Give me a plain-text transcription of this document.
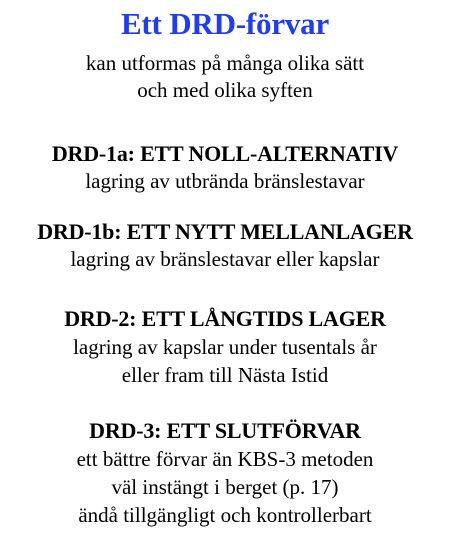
Ett DRD-förvar
kan utformas på många olika sätt
och med olika syften
DRD-1a: ETT NOLL-ALTERNATIV
lagring av utbrända bränslestavar
DRD-1b: ETT NYTT MELLANLAGER
lagring av bränslestavar eller kapslar
DRD-2: ETT LÅNGTIDS LAGER
lagring av kapslar under tusentals år
eller fram till Nästa Istid
DRD-3: ETT SLUTFÖRVAR
ett bättre förvar än KBS-3 metoden
väl instängt i berget (p. 17)
ändå tillgängligt och kontrollerbart
